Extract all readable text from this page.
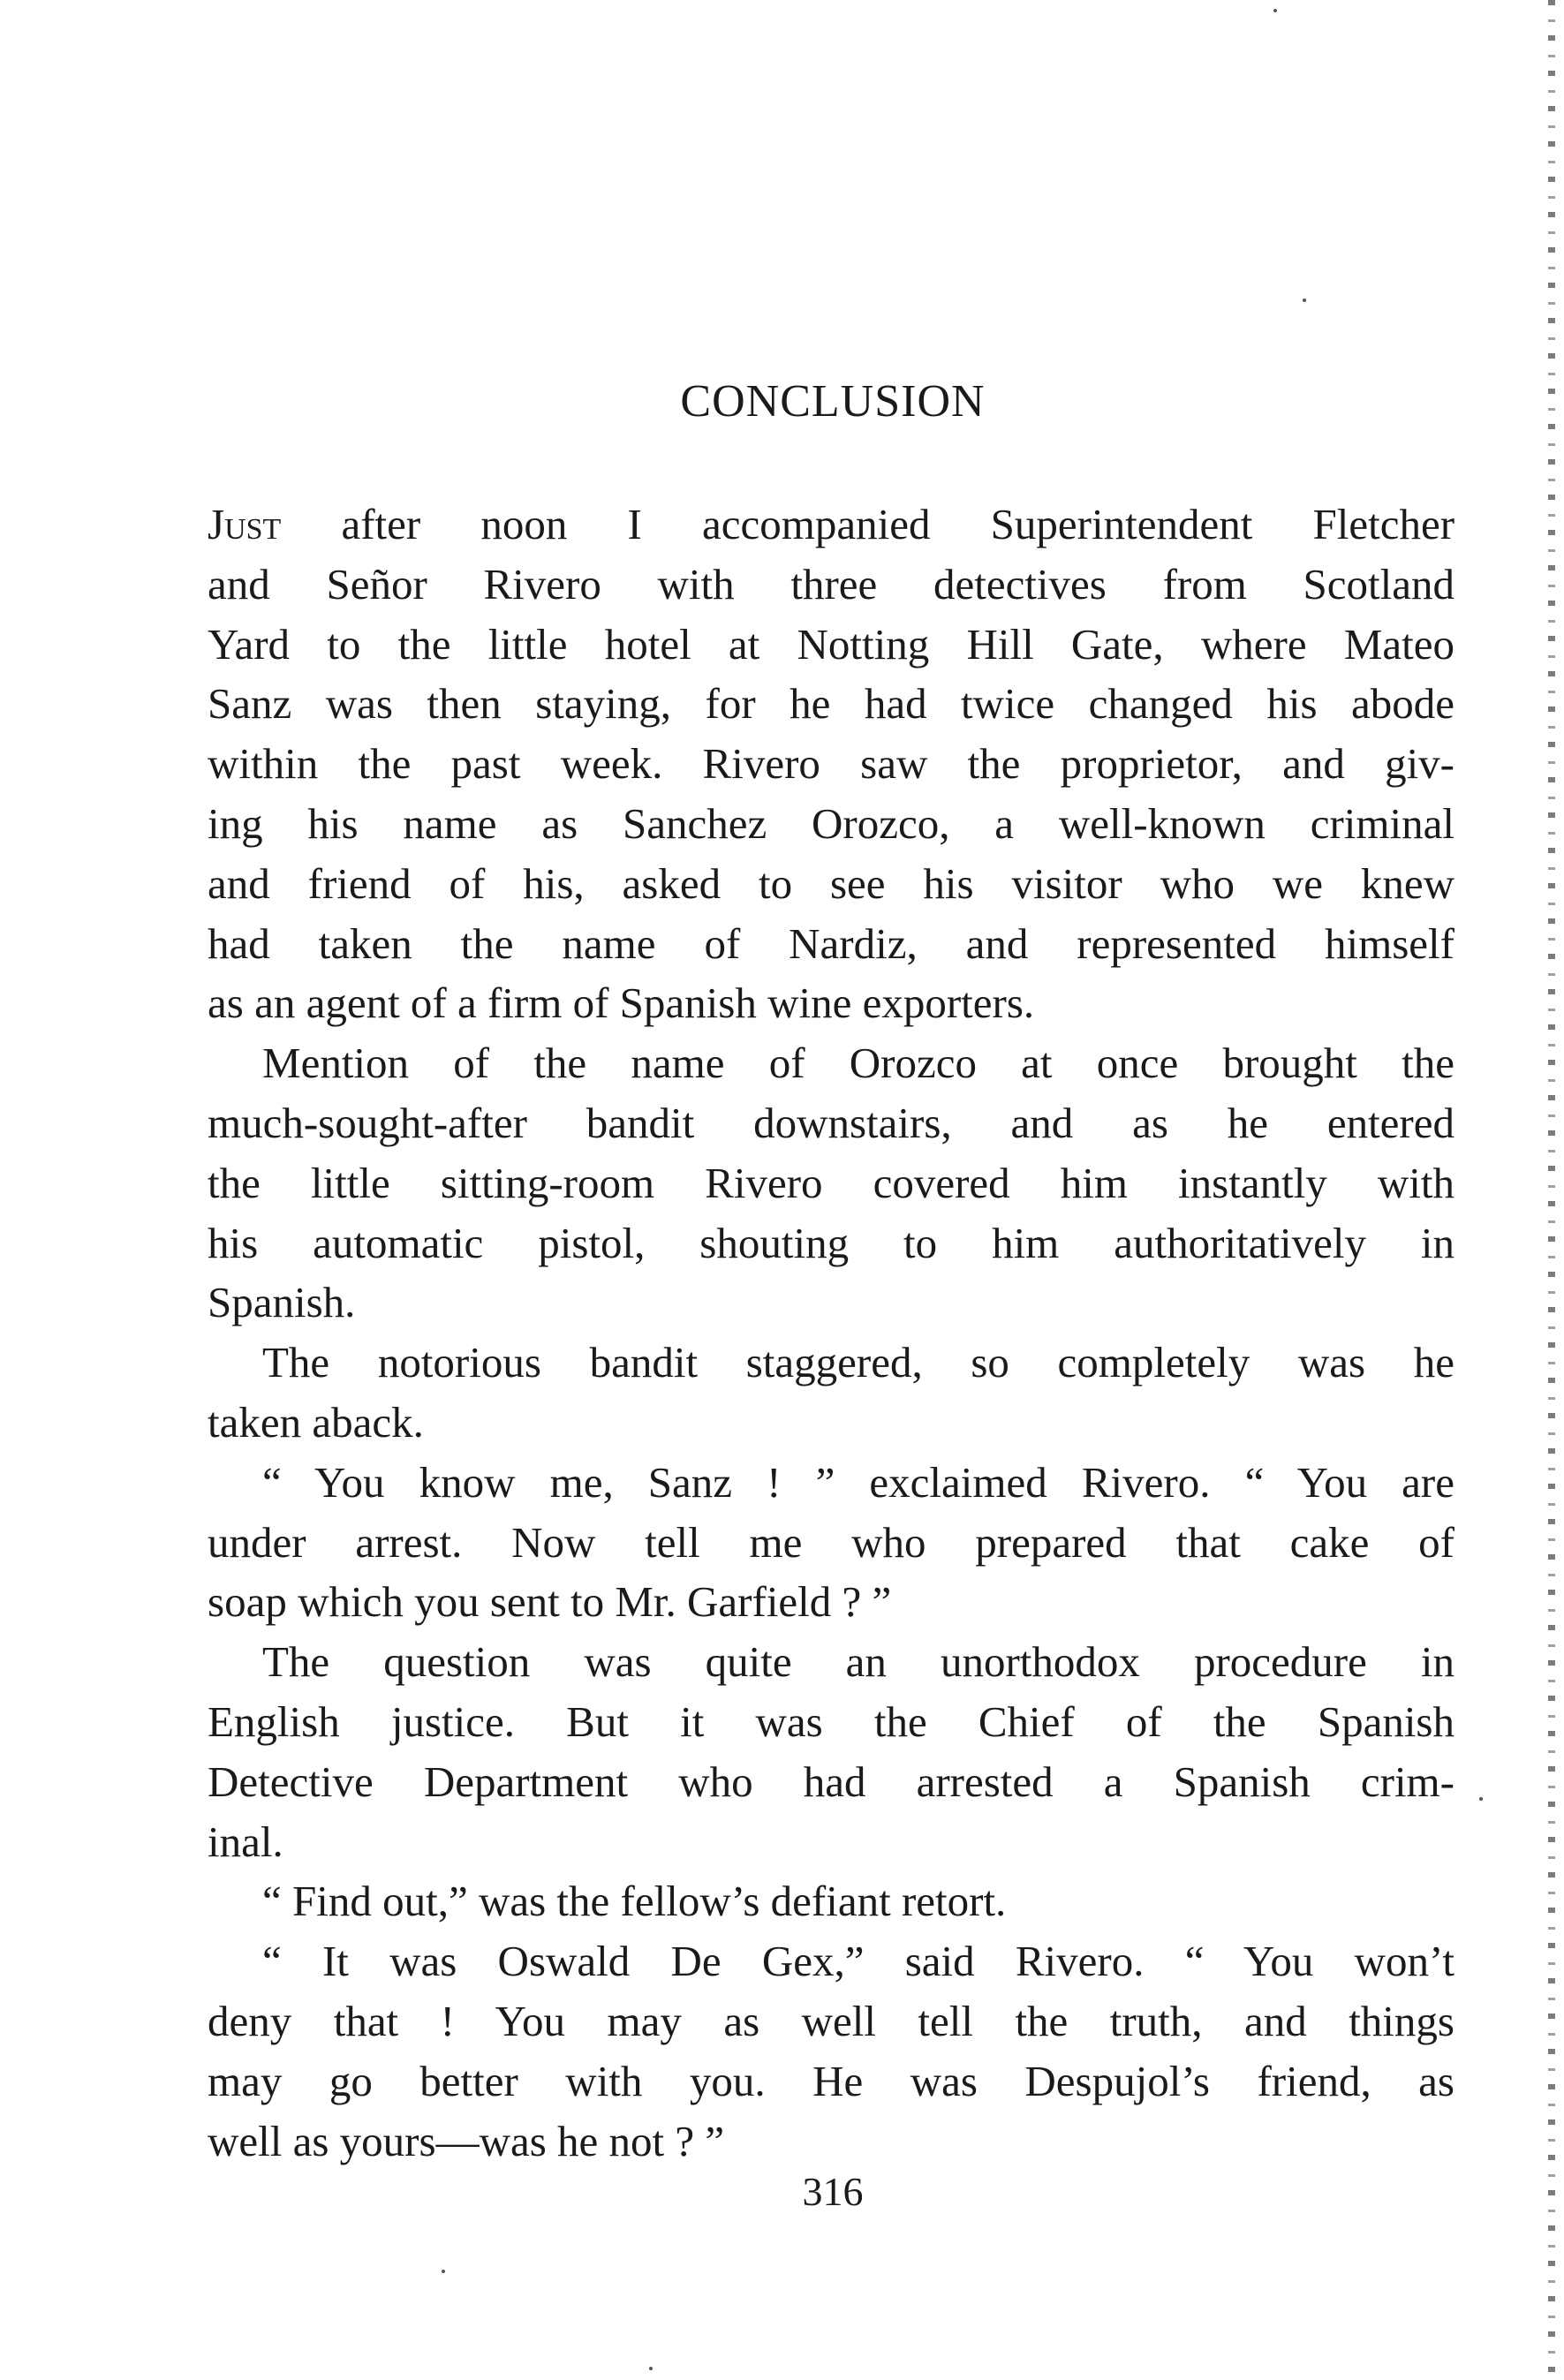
CONCLUSION
Just after noon I accompanied Superintendent Fletcher
and Señor Rivero with three detectives from Scotland
Yard to the little hotel at Notting Hill Gate, where Mateo
Sanz was then staying, for he had twice changed his abode
within the past week. Rivero saw the proprietor, and giv-
ing his name as Sanchez Orozco, a well-known criminal
and friend of his, asked to see his visitor who we knew
had taken the name of Nardiz, and represented himself
as an agent of a firm of Spanish wine exporters.
Mention of the name of Orozco at once brought the
much-sought-after bandit downstairs, and as he entered
the little sitting-room Rivero covered him instantly with
his automatic pistol, shouting to him authoritatively in
Spanish.
The notorious bandit staggered, so completely was he
taken aback.
“ You know me, Sanz ! ” exclaimed Rivero. “ You are
under arrest. Now tell me who prepared that cake of
soap which you sent to Mr. Garfield ? ”
The question was quite an unorthodox procedure in
English justice. But it was the Chief of the Spanish
Detective Department who had arrested a Spanish crim-
inal.
“ Find out,” was the fellow’s defiant retort.
“ It was Oswald De Gex,” said Rivero. “ You won’t
deny that ! You may as well tell the truth, and things
may go better with you. He was Despujol’s friend, as
well as yours—was he not ? ”
316
